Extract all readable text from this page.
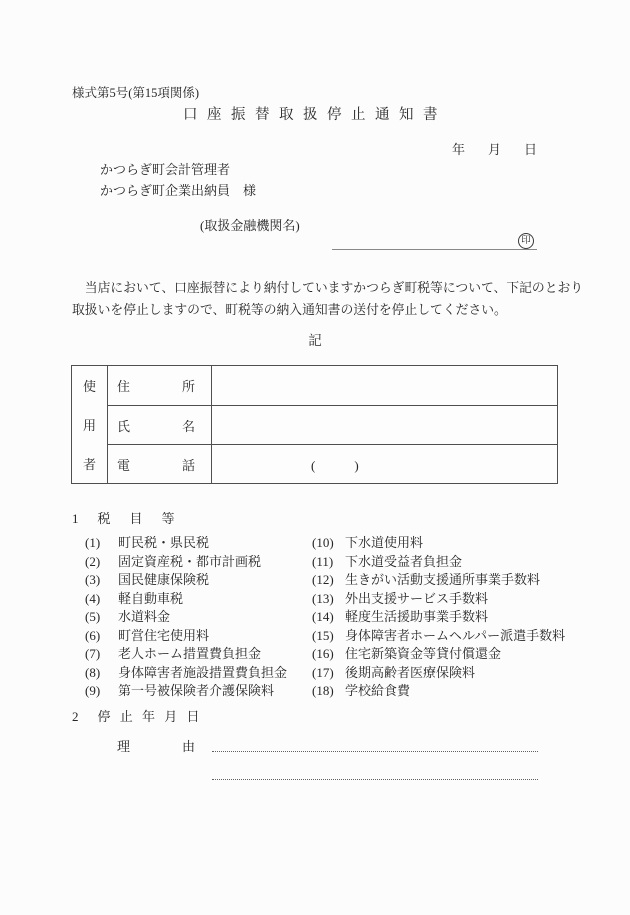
様式第5号(第15項関係)
口座振替取扱停止通知書
年　月　日
かつらぎ町会計管理者
かつらぎ町企業出納員　様
(取扱金融機関名)
印
　当店において、口座振替により納付していますかつらぎ町税等について、下記のとおり
取扱いを停止しますので、町税等の納入通知書の送付を停止してください。
記
使
用
者
住　　　　所
氏　　　　名
電　　　　話	(　　　)
1　税　目　等
(1)	町民税・県民税
(2)	固定資産税・都市計画税
(3)	国民健康保険税
(4)	軽自動車税
(5)	水道料金
(6)	町営住宅使用料
(7)	老人ホーム措置費負担金
(8)	身体障害者施設措置費負担金
(9)	第一号被保険者介護保険料
(10) 下水道使用料
(11) 下水道受益者負担金
(12) 生きがい活動支援通所事業手数料
(13) 外出支援サービス手数料
(14) 軽度生活援助事業手数料
(15) 身体障害者ホームヘルパー派遣手数料
(16) 住宅新築資金等貸付償還金
(17) 後期高齢者医療保険料
(18) 学校給食費
2　停 止 年 月 日
理　　　　由
